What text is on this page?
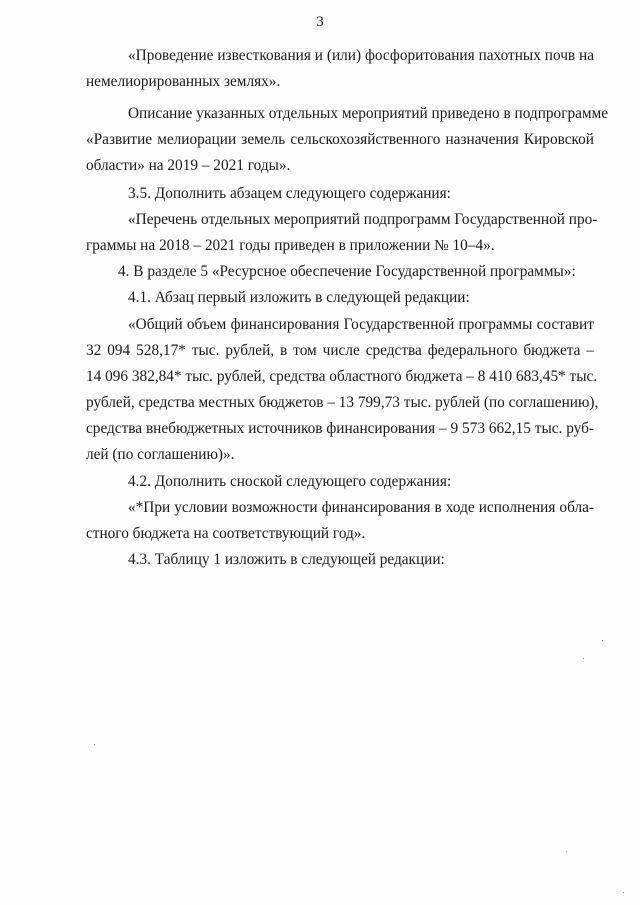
3
«Проведение известкования и (или) фосфоритования пахотных почв на
немелиорированных землях».
Описание указанных отдельных мероприятий приведено в подпрограмме
«Развитие мелиорации земель сельскохозяйственного назначения Кировской
области» на 2019 – 2021 годы».
3.5. Дополнить абзацем следующего содержания:
«Перечень отдельных мероприятий подпрограмм Государственной про-
граммы на 2018 – 2021 годы приведен в приложении № 10–4».
4. В разделе 5 «Ресурсное обеспечение Государственной программы»:
4.1. Абзац первый изложить в следующей редакции:
«Общий объем финансирования Государственной программы составит
32 094 528,17* тыс. рублей, в том числе средства федерального бюджета –
14 096 382,84* тыс. рублей, средства областного бюджета – 8 410 683,45* тыс.
рублей, средства местных бюджетов – 13 799,73 тыс. рублей (по соглашению),
средства внебюджетных источников финансирования – 9 573 662,15 тыс. руб-
лей (по соглашению)».
4.2. Дополнить сноской следующего содержания:
«*При условии возможности финансирования в ходе исполнения обла-
стного бюджета на соответствующий год».
4.3. Таблицу 1 изложить в следующей редакции:
